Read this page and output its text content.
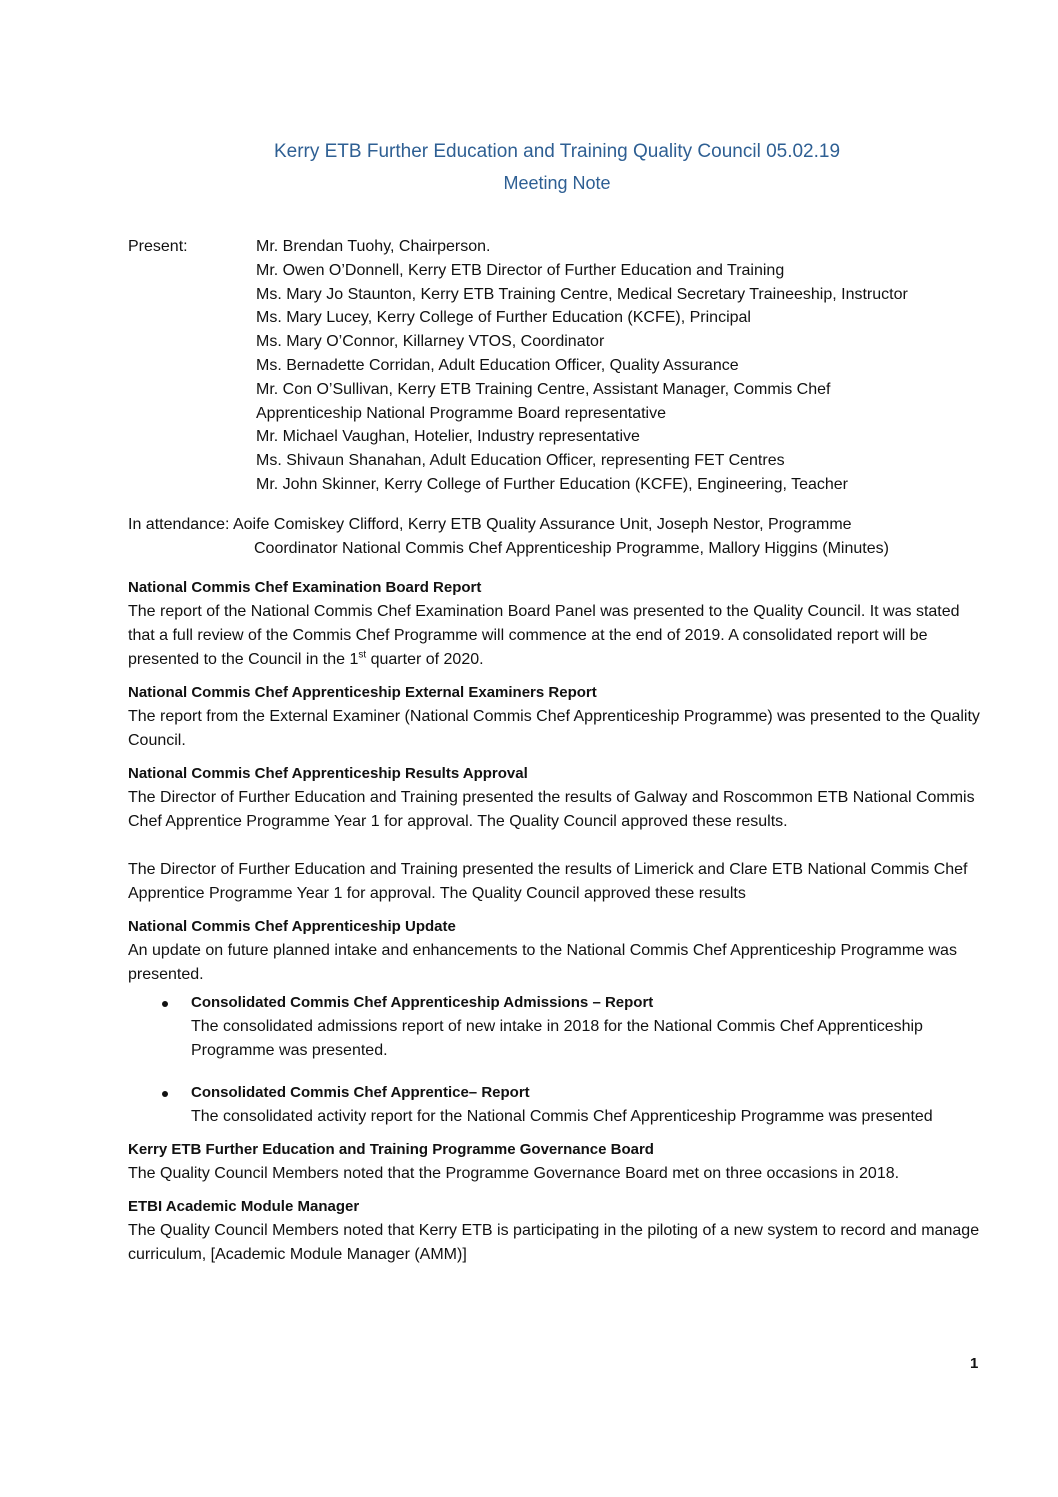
Kerry ETB Further Education and Training Quality Council 05.02.19
Meeting Note
Present:	Mr. Brendan Tuohy, Chairperson.
Mr. Owen O’Donnell, Kerry ETB Director of Further Education and Training
Ms. Mary Jo Staunton, Kerry ETB Training Centre, Medical Secretary Traineeship, Instructor
Ms. Mary Lucey, Kerry College of Further Education (KCFE), Principal
Ms. Mary O’Connor, Killarney VTOS, Coordinator
Ms. Bernadette Corridan, Adult Education Officer, Quality Assurance
Mr. Con O’Sullivan, Kerry ETB Training Centre, Assistant Manager, Commis Chef
Apprenticeship National Programme Board representative
Mr. Michael Vaughan, Hotelier, Industry representative
Ms. Shivaun Shanahan, Adult Education Officer, representing FET Centres
Mr. John Skinner, Kerry College of Further Education (KCFE), Engineering, Teacher
In attendance: Aoife Comiskey Clifford, Kerry ETB Quality Assurance Unit, Joseph Nestor, Programme
Coordinator National Commis Chef Apprenticeship Programme, Mallory Higgins (Minutes)
National Commis Chef Examination Board Report

The report of the National Commis Chef Examination Board Panel was presented to the Quality Council. It was stated that a full review of the Commis Chef Programme will commence at the end of 2019. A consolidated report will be presented to the Council in the 1st quarter of 2020.

National Commis Chef Apprenticeship External Examiners Report

The report from the External Examiner (National Commis Chef Apprenticeship Programme) was presented to the Quality Council.

National Commis Chef Apprenticeship Results Approval

The Director of Further Education and Training presented the results of Galway and Roscommon ETB National Commis Chef Apprentice Programme Year 1 for approval. The Quality Council approved these results.

The Director of Further Education and Training presented the results of Limerick and Clare ETB National Commis Chef Apprentice Programme Year 1 for approval. The Quality Council approved these results

National Commis Chef Apprenticeship Update

An update on future planned intake and enhancements to the National Commis Chef Apprenticeship Programme was presented.

Consolidated Commis Chef Apprenticeship Admissions – Report
The consolidated admissions report of new intake in 2018 for the National Commis Chef Apprenticeship Programme was presented.
Consolidated Commis Chef Apprentice– Report
The consolidated activity report for the National Commis Chef Apprenticeship Programme was presented
Kerry ETB Further Education and Training Programme Governance Board

The Quality Council Members noted that the Programme Governance Board met on three occasions in 2018.

ETBI Academic Module Manager

The Quality Council Members noted that Kerry ETB is participating in the piloting of a new system to record and manage curriculum, [Academic Module Manager (AMM)]

1
